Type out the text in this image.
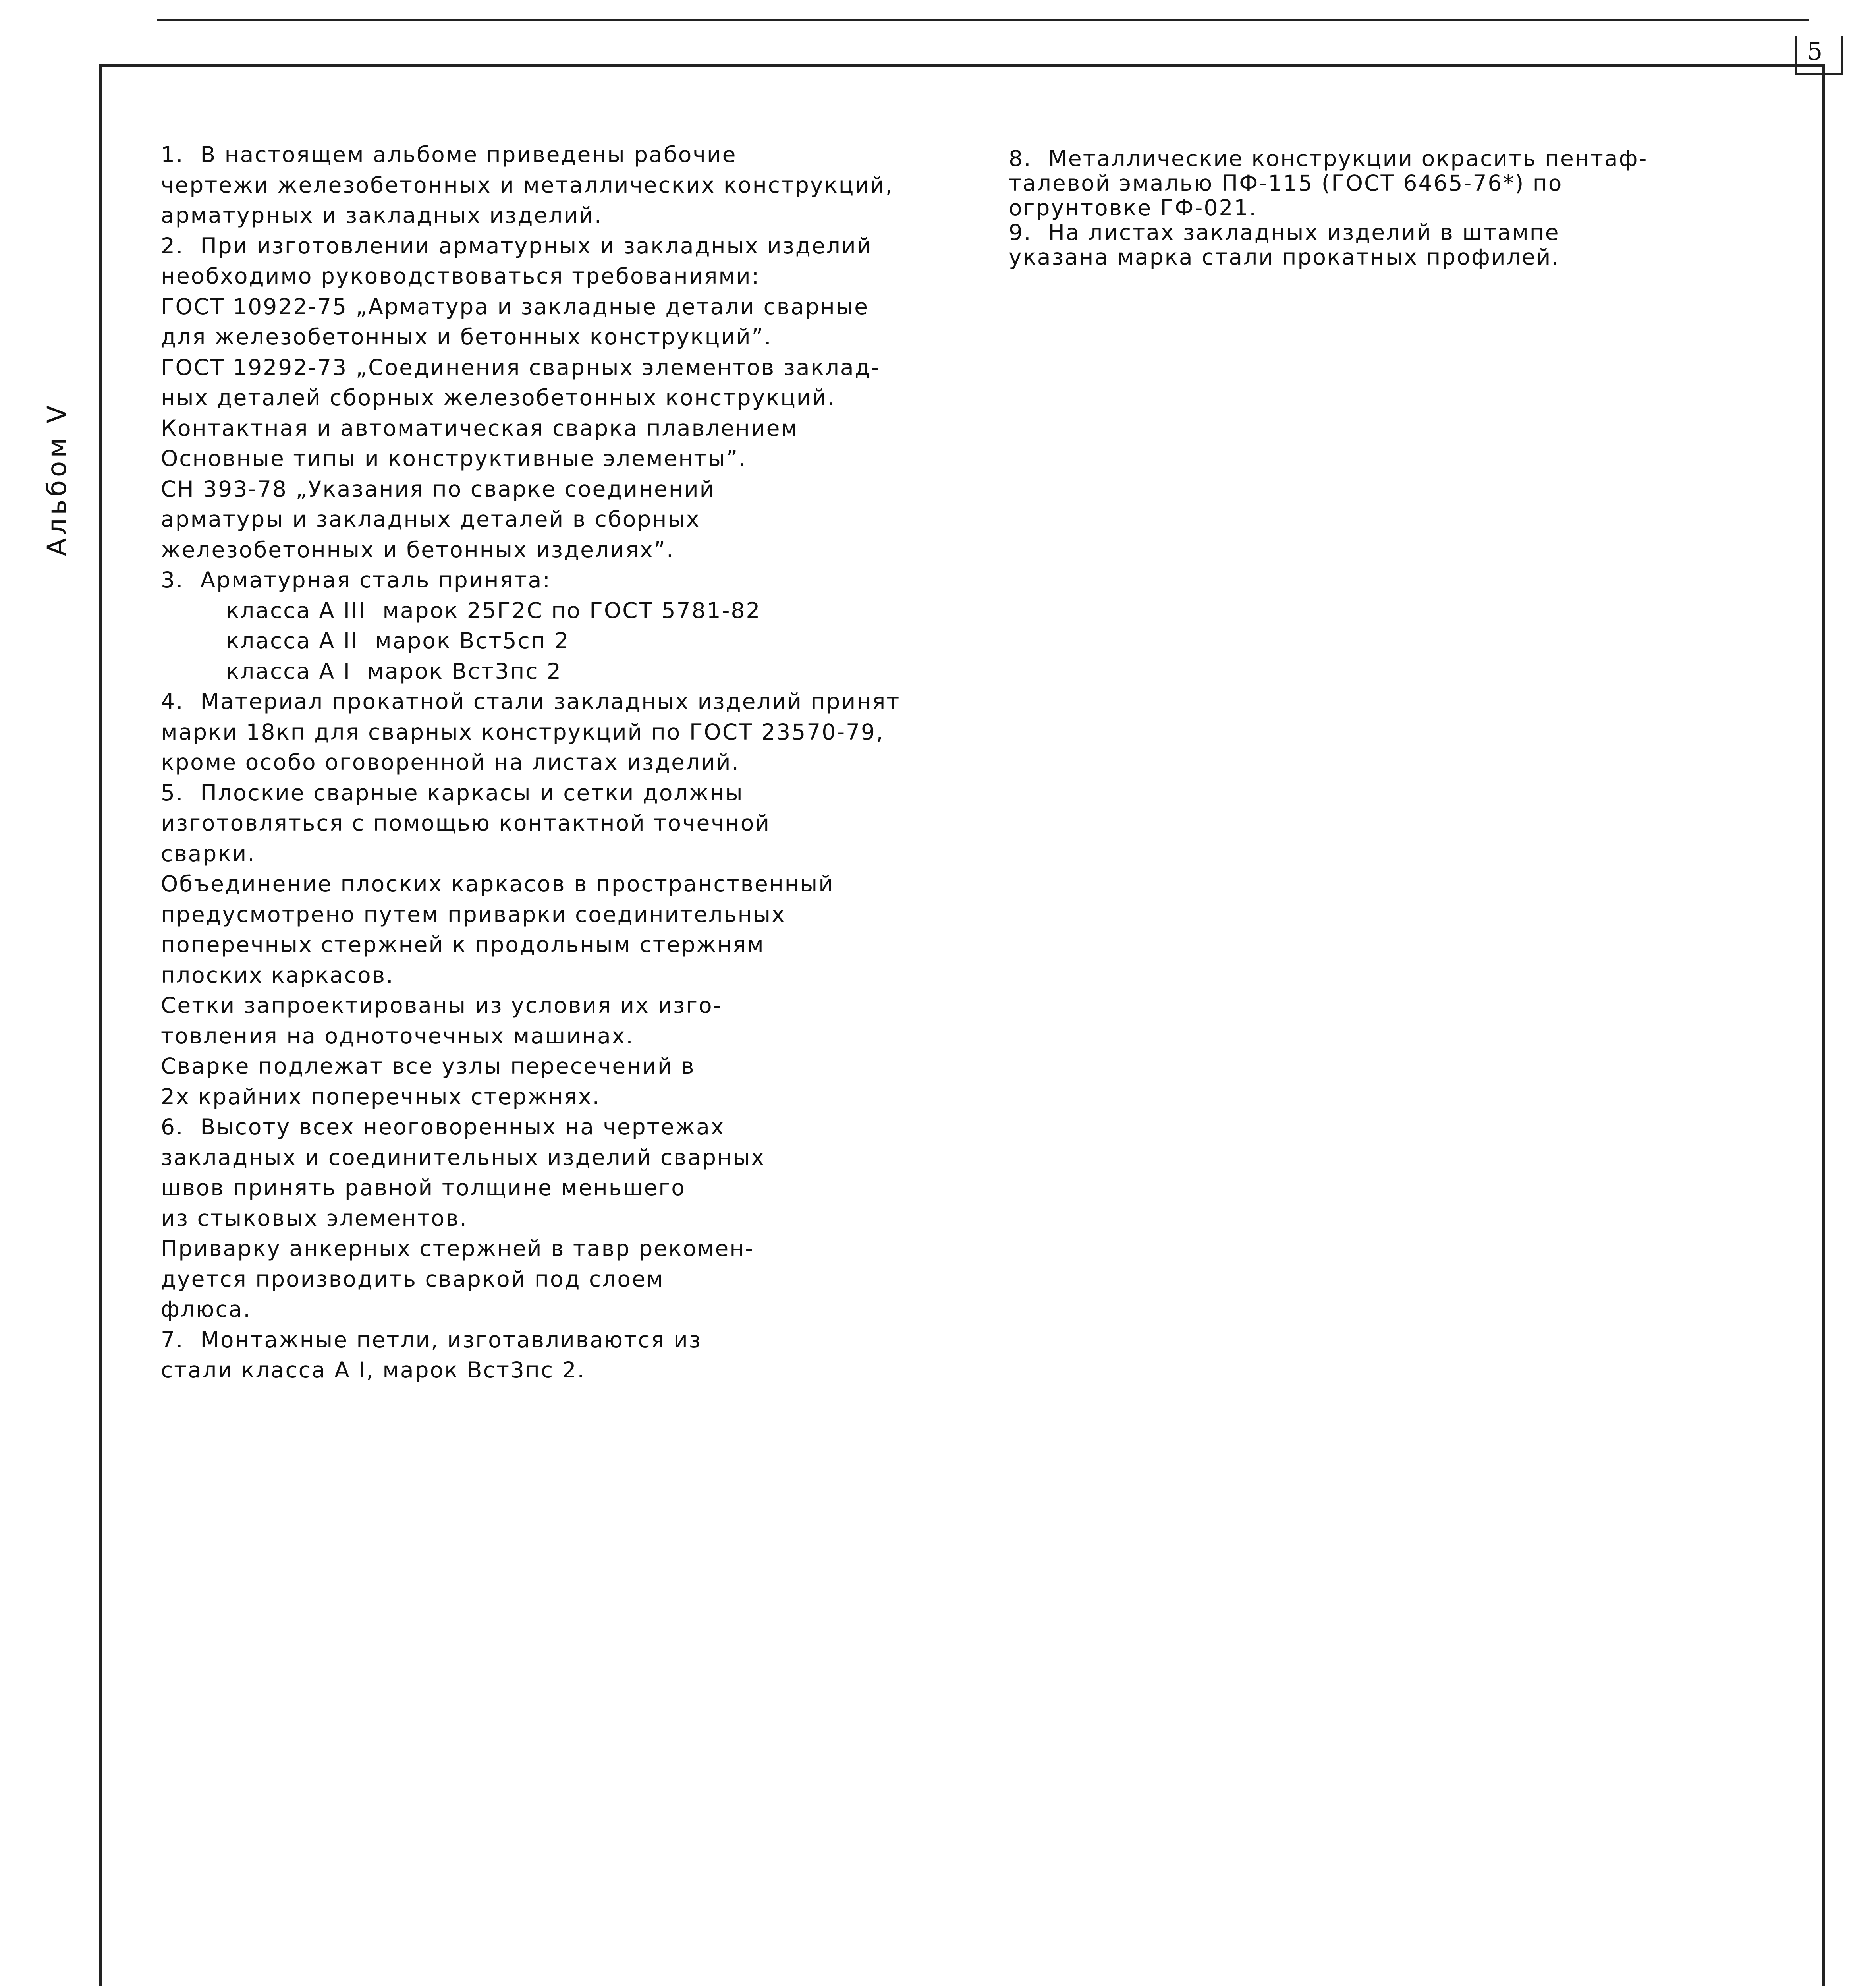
5
Альбом V
1.  В настоящем альбоме приведены рабочие
чертежи железобетонных и металлических конструкций,
арматурных и закладных изделий.
2.  При изготовлении арматурных и закладных изделий
необходимо руководствоваться требованиями:
ГОСТ 10922-75 „Арматура и закладные детали сварные
для железобетонных и бетонных конструкций”.
ГОСТ 19292-73 „Соединения сварных элементов заклад-
ных деталей сборных железобетонных конструкций.
Контактная и автоматическая сварка плавлением
Основные типы и конструктивные элементы”.
СН 393-78 „Указания по сварке соединений
арматуры и закладных деталей в сборных
железобетонных и бетонных изделиях”.
3.  Арматурная сталь принята:
класса А III  марок 25Г2С по ГОСТ 5781-82
класса А II  марок Вст5сп 2
класса А I  марок Вст3пс 2
4.  Материал прокатной стали закладных изделий принят
марки 18кп для сварных конструкций по ГОСТ 23570-79,
кроме особо оговоренной на листах изделий.
5.  Плоские сварные каркасы и сетки должны
изготовляться с помощью контактной точечной
сварки.
Объединение плоских каркасов в пространственный
предусмотрено путем приварки соединительных
поперечных стержней к продольным стержням
плоских каркасов.
Сетки запроектированы из условия их изго-
товления на одноточечных машинах.
Сварке подлежат все узлы пересечений в
2х крайних поперечных стержнях.
6.  Высоту всех неоговоренных на чертежах
закладных и соединительных изделий сварных
швов принять равной толщине меньшего
из стыковых элементов.
Приварку анкерных стержней в тавр рекомен-
дуется производить сваркой под слоем
флюса.
7.  Монтажные петли, изготавливаются из
стали класса А I, марок Вст3пс 2.
8.  Металлические конструкции окрасить пентаф-
талевой эмалью ПФ-115 (ГОСТ 6465-76*) по
огрунтовке ГФ-021.
9.  На листах закладных изделий в штампе
указана марка стали прокатных профилей.
